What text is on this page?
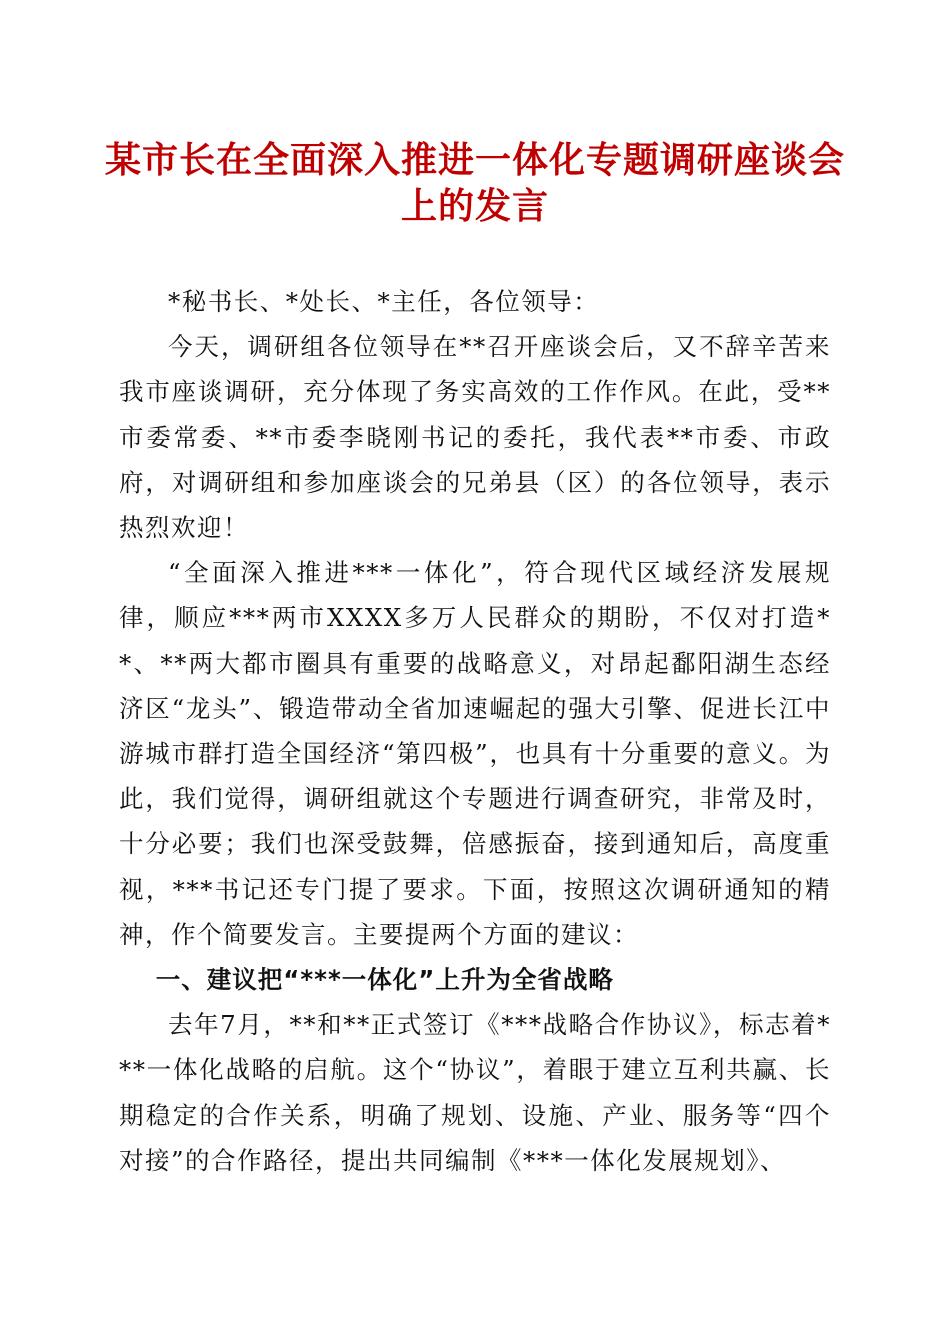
某市长在全面深入推进一体化专题调研座谈会
上的发言

*秘书长、*处长、*主任，各位领导：

今天，调研组各位领导在**召开座谈会后，又不辞辛苦来我市座谈调研，充分体现了务实高效的工作作风。在此，受**市委常委、**市委李晓刚书记的委托，我代表**市委、市政府，对调研组和参加座谈会的兄弟县（区）的各位领导，表示热烈欢迎！

“全面深入推进***一体化”，符合现代区域经济发展规律，顺应***两市XXXX多万人民群众的期盼，不仅对打造**、**两大都市圈具有重要的战略意义，对昂起鄱阳湖生态经济区“龙头”、锻造带动全省加速崛起的强大引擎、促进长江中游城市群打造全国经济“第四极”，也具有十分重要的意义。为此，我们觉得，调研组就这个专题进行调查研究，非常及时，十分必要；我们也深受鼓舞，倍感振奋，接到通知后，高度重视，***书记还专门提了要求。下面，按照这次调研通知的精神，作个简要发言。主要提两个方面的建议：

一、建议把“***一体化”上升为全省战略

去年7月，**和**正式签订《***战略合作协议》，标志着***一体化战略的启航。这个“协议”，着眼于建立互利共赢、长期稳定的合作关系，明确了规划、设施、产业、服务等“四个对接”的合作路径，提出共同编制《***一体化发展规划》、
